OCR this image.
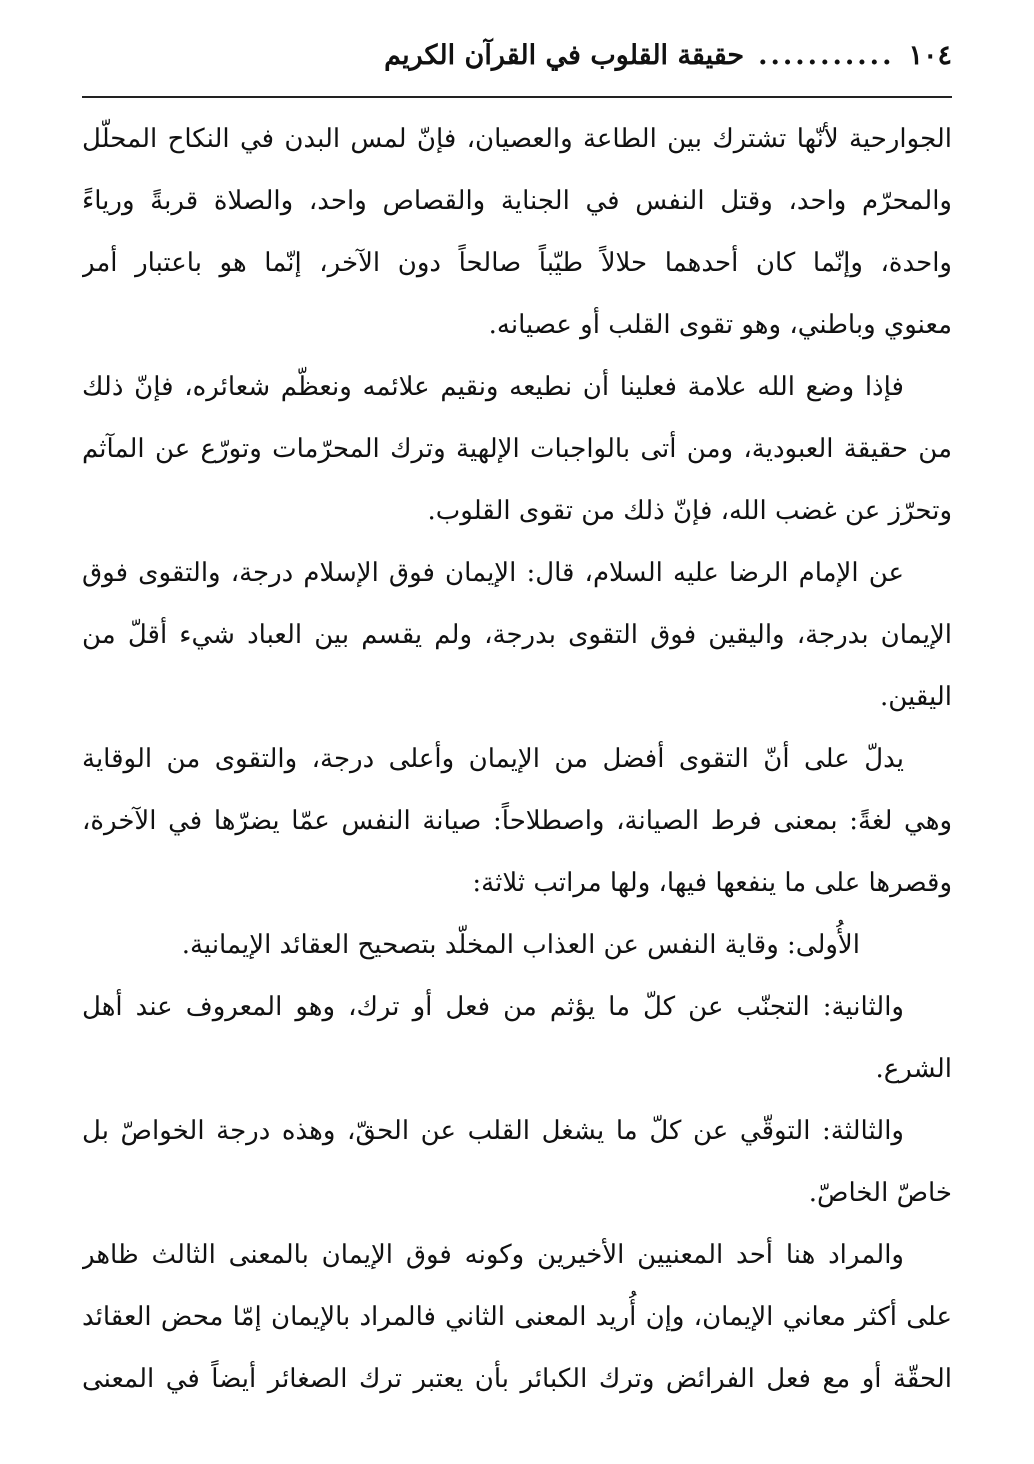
١٠٤
...........
حقيقة القلوب في القرآن الكريم
الجوارحية لأنّها تشترك بين الطاعة والعصيان، فإنّ لمس البدن في النكاح المحلّل
والمحرّم واحد، وقتل النفس في الجناية والقصاص واحد، والصلاة قربةً ورياءً
واحدة، وإنّما كان أحدهما حلالاً طيّباً صالحاً دون الآخر، إنّما هو باعتبار أمر
معنوي وباطني، وهو تقوى القلب أو عصيانه.
فإذا وضع الله علامة فعلينا أن نطيعه ونقيم علائمه ونعظّم شعائره، فإنّ ذلك
من حقيقة العبودية، ومن أتى بالواجبات الإلهية وترك المحرّمات وتورّع عن المآثم
وتحرّز عن غضب الله، فإنّ ذلك من تقوى القلوب.
عن الإمام الرضا عليه السلام، قال: الإيمان فوق الإسلام درجة، والتقوى فوق
الإيمان بدرجة، واليقين فوق التقوى بدرجة، ولم يقسم بين العباد شيء أقلّ من
اليقين.
يدلّ على أنّ التقوى أفضل من الإيمان وأعلى درجة، والتقوى من الوقاية
وهي لغةً: بمعنى فرط الصيانة، واصطلاحاً: صيانة النفس عمّا يضرّها في الآخرة،
وقصرها على ما ينفعها فيها، ولها مراتب ثلاثة:
الأُولى: وقاية النفس عن العذاب المخلّد بتصحيح العقائد الإيمانية.
والثانية: التجنّب عن كلّ ما يؤثم من فعل أو ترك، وهو المعروف عند أهل
الشرع.
والثالثة: التوقّي عن كلّ ما يشغل القلب عن الحقّ، وهذه درجة الخواصّ بل
خاصّ الخاصّ.
والمراد هنا أحد المعنيين الأخيرين وكونه فوق الإيمان بالمعنى الثالث ظاهر
على أكثر معاني الإيمان، وإن أُريد المعنى الثاني فالمراد بالإيمان إمّا محض العقائد
الحقّة أو مع فعل الفرائض وترك الكبائر بأن يعتبر ترك الصغائر أيضاً في المعنى
